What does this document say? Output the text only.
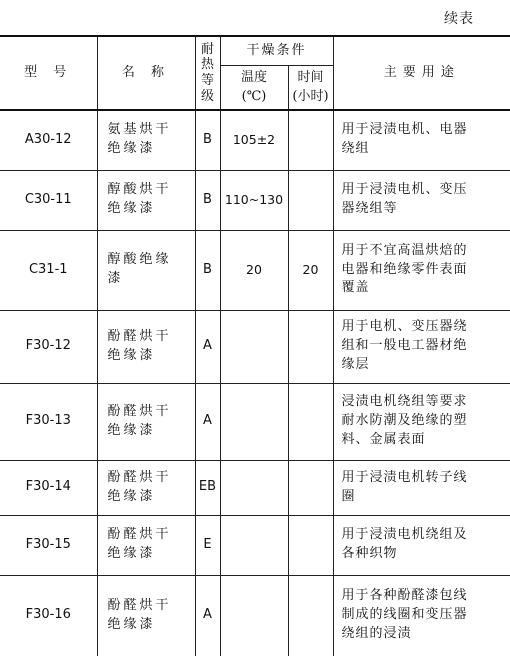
续表
型 号	名 称	耐
热
等
级	干燥条件		主要用途

			温度
(℃)	时间
(小时)	

A30-12	氨基烘干
绝缘漆	B	105±2		用于浸渍电机、电器
绕组

C30-11	醇酸烘干
绝缘漆	B	110~130		用于浸渍电机、变压
器绕组等

C31-1	醇酸绝缘
漆	B	20	20	用于不宜高温烘焙的
电器和绝缘零件表面
覆盖

F30-12	酚醛烘干
绝缘漆	A			用于电机、变压器绕
组和一般电工器材绝
缘层

F30-13	酚醛烘干
绝缘漆	A			浸渍电机绕组等要求
耐水防潮及绝缘的塑
料、金属表面

F30-14	酚醛烘干
绝缘漆	EB			用于浸渍电机转子线
圈

F30-15	酚醛烘干
绝缘漆	E			用于浸渍电机绕组及
各种织物

F30-16	酚醛烘干
绝缘漆	A			用于各种酚醛漆包线
制成的线圈和变压器
绕组的浸渍
